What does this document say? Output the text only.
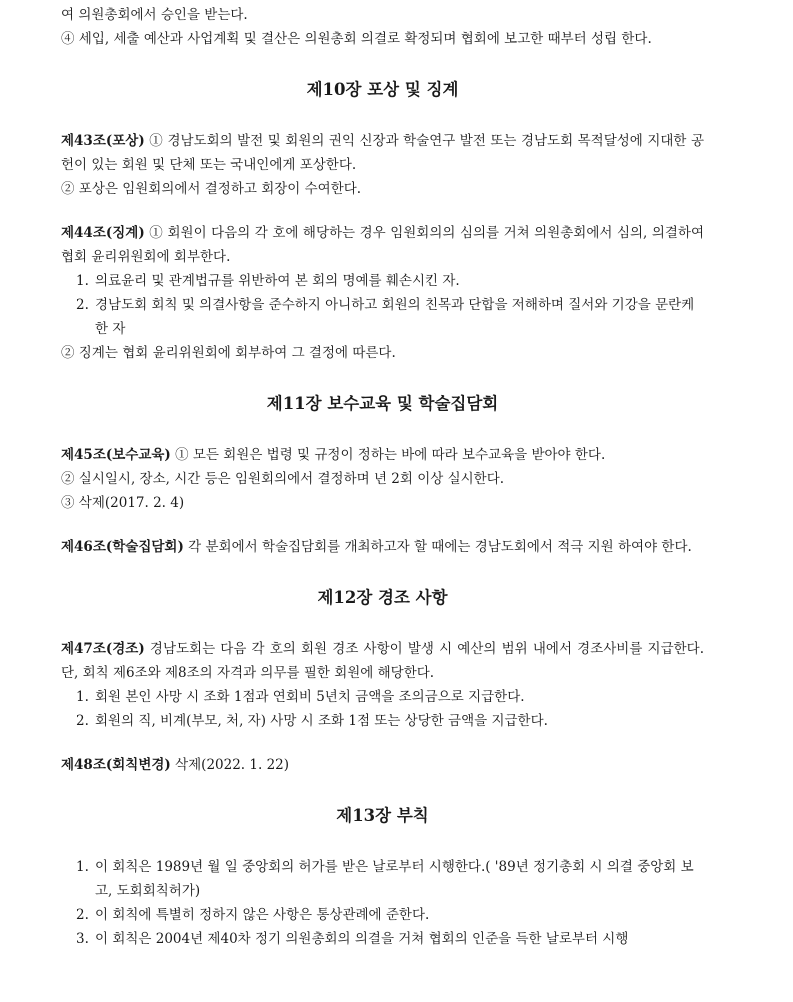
여 의원총회에서 승인을 받는다.

④ 세입, 세출 예산과 사업계획 및 결산은 의원총회 의결로 확정되며 협회에 보고한 때부터 성립 한다.

제10장 포상 및 징계

제43조(포상) ① 경남도회의 발전 및 회원의 권익 신장과 학술연구 발전 또는 경남도회 목적달성에 지대한 공헌이 있는 회원 및 단체 또는 국내인에게 포상한다.

② 포상은 임원회의에서 결정하고 회장이 수여한다.

제44조(징계) ① 회원이 다음의 각 호에 해당하는 경우 임원회의의 심의를 거쳐 의원총회에서 심의, 의결하여 협회 윤리위원회에 회부한다.

1. 의료윤리 및 관계법규를 위반하여 본 회의 명예를 훼손시킨 자.
2. 경남도회 회칙 및 의결사항을 준수하지 아니하고 회원의 친목과 단합을 저해하며 질서와 기강을 문란케 한 자

② 징계는 협회 윤리위원회에 회부하여 그 결정에 따른다.

제11장 보수교육 및 학술집담회

제45조(보수교육) ① 모든 회원은 법령 및 규정이 정하는 바에 따라 보수교육을 받아야 한다.

② 실시일시, 장소, 시간 등은 임원회의에서 결정하며 년 2회 이상 실시한다.

③ 삭제(2017. 2. 4)

제46조(학술집담회) 각 분회에서 학술집담회를 개최하고자 할 때에는 경남도회에서 적극 지원 하여야 한다.

제12장 경조 사항

제47조(경조) 경남도회는 다음 각 호의 회원 경조 사항이 발생 시 예산의 범위 내에서 경조사비를 지급한다. 단, 회칙 제6조와 제8조의 자격과 의무를 필한 회원에 해당한다.

1. 회원 본인 사망 시 조화 1점과 연회비 5년치 금액을 조의금으로 지급한다.
2. 회원의 직, 비계(부모, 처, 자) 사망 시 조화 1점 또는 상당한 금액을 지급한다.

제48조(회칙변경) 삭제(2022. 1. 22)

제13장 부칙
1. 이 회칙은 1989년 월 일 중앙회의 허가를 받은 날로부터 시행한다.( '89년 정기총회 시 의결 중앙회 보고, 도회회칙허가)
2. 이 회칙에 특별히 정하지 않은 사항은 통상관례에 준한다.
3. 이 회칙은 2004년 제40차 정기 의원총회의 의결을 거쳐 협회의 인준을 득한 날로부터 시행
